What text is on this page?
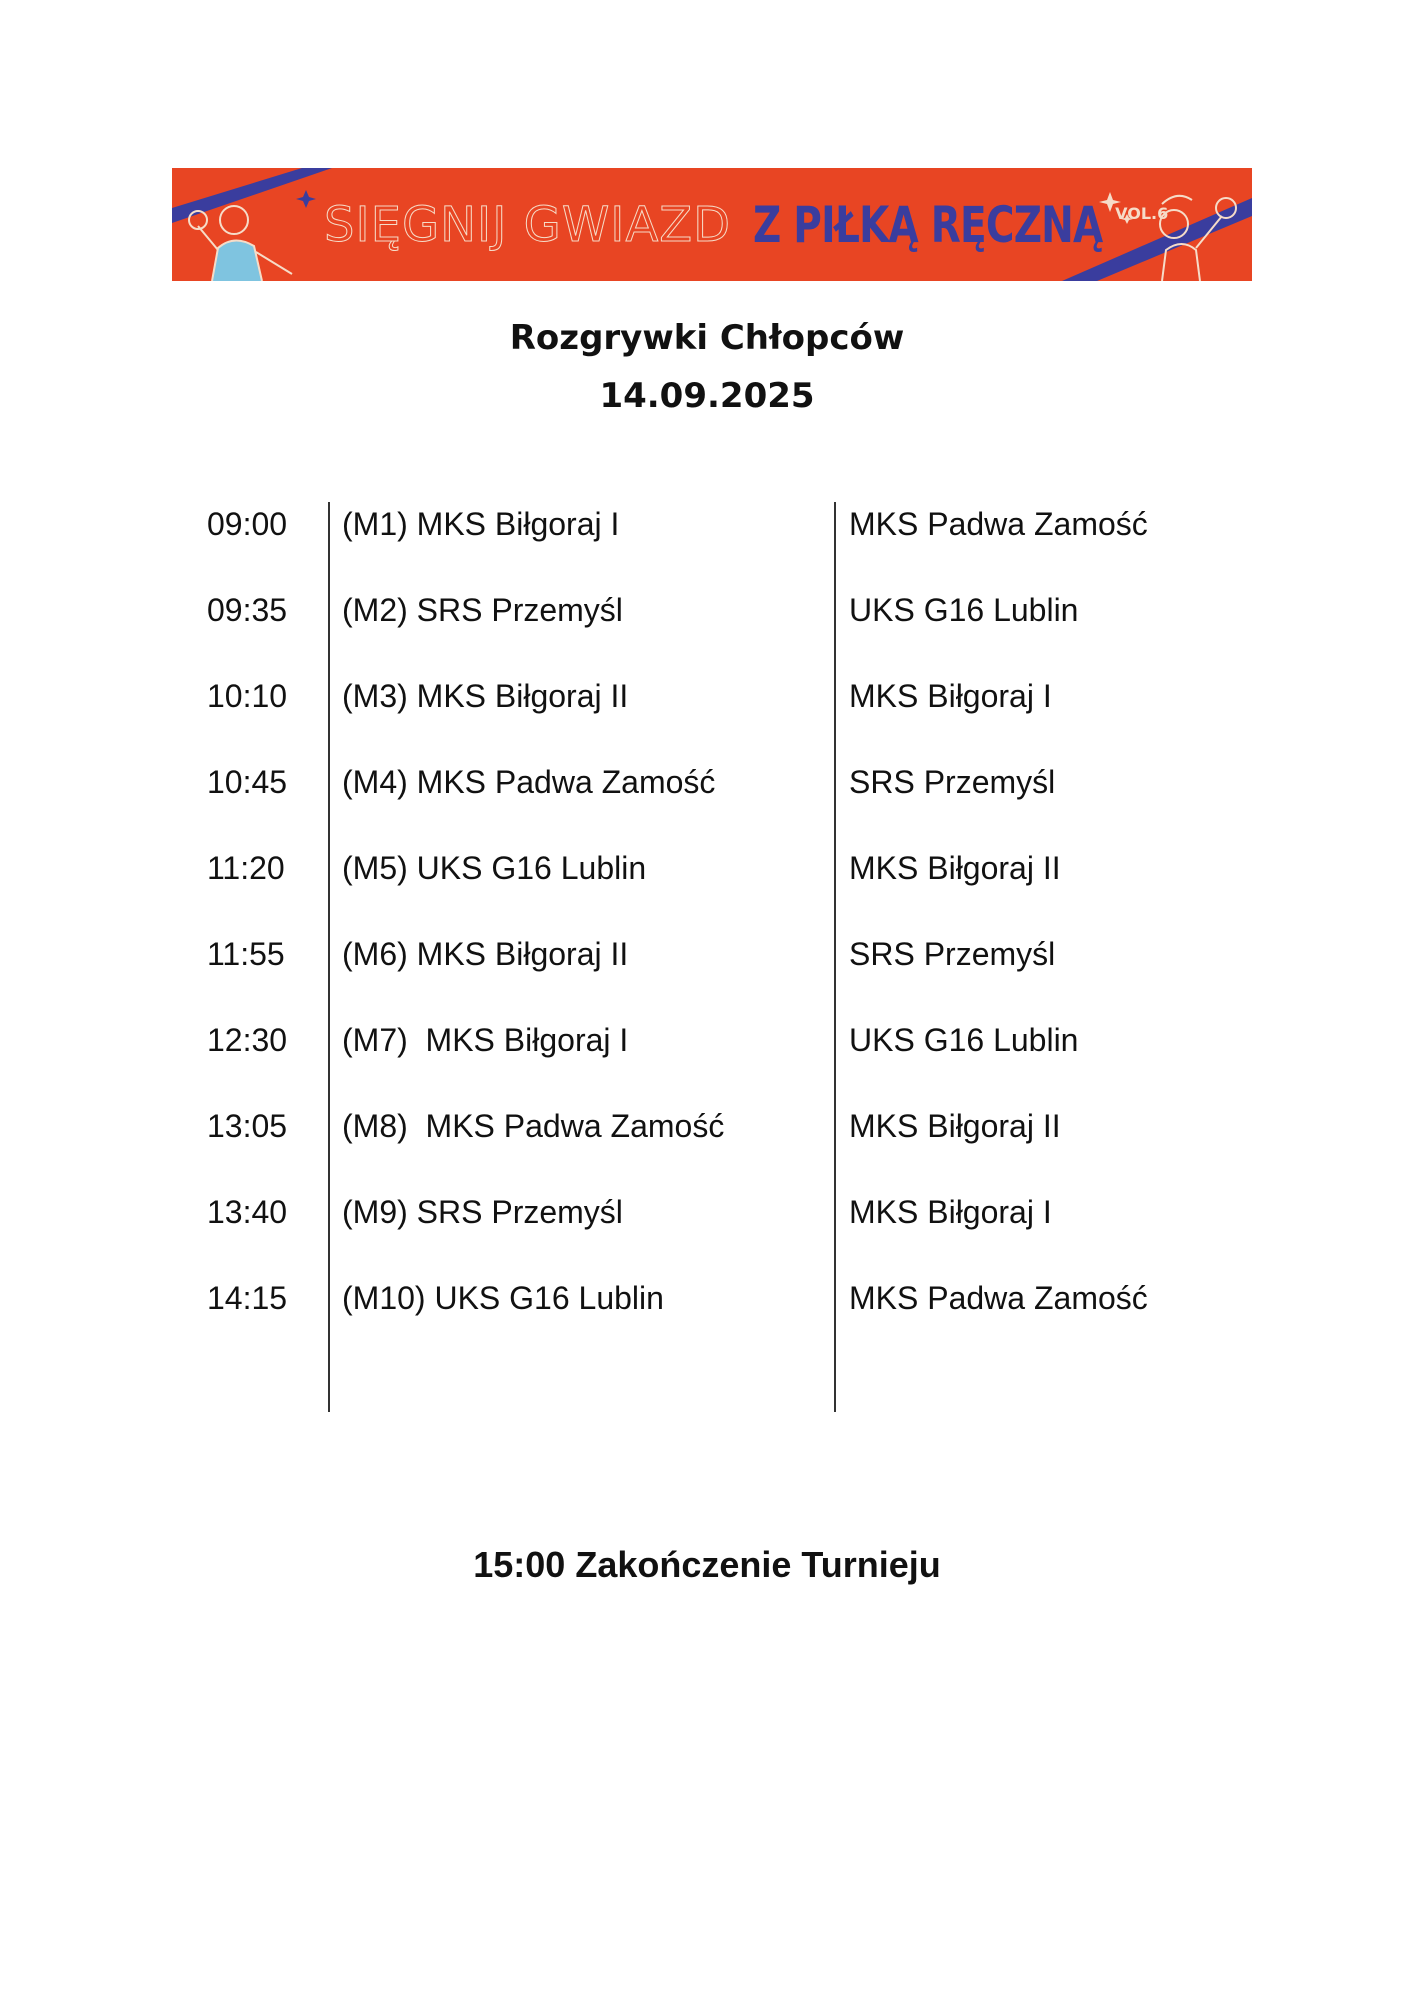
SIĘGNIJ GWIAZD Z PIŁKĄ RĘCZNĄ VOL.6
Rozgrywki Chłopców
14.09.2025
09:00 (M1) MKS Biłgoraj I	MKS Padwa Zamość
09:35 (M2) SRS Przemyśl	UKS G16 Lublin
10:10 (M3) MKS Biłgoraj II	MKS Biłgoraj I
10:45 (M4) MKS Padwa Zamość	SRS Przemyśl
11:20 (M5) UKS G16 Lublin	MKS Biłgoraj II
11:55 (M6) MKS Biłgoraj II	SRS Przemyśl
12:30 (M7)  MKS Biłgoraj I	UKS G16 Lublin
13:05 (M8)  MKS Padwa Zamość	MKS Biłgoraj II
13:40 (M9) SRS Przemyśl	MKS Biłgoraj I
14:15 (M10) UKS G16 Lublin	MKS Padwa Zamość
15:00 Zakończenie Turnieju
